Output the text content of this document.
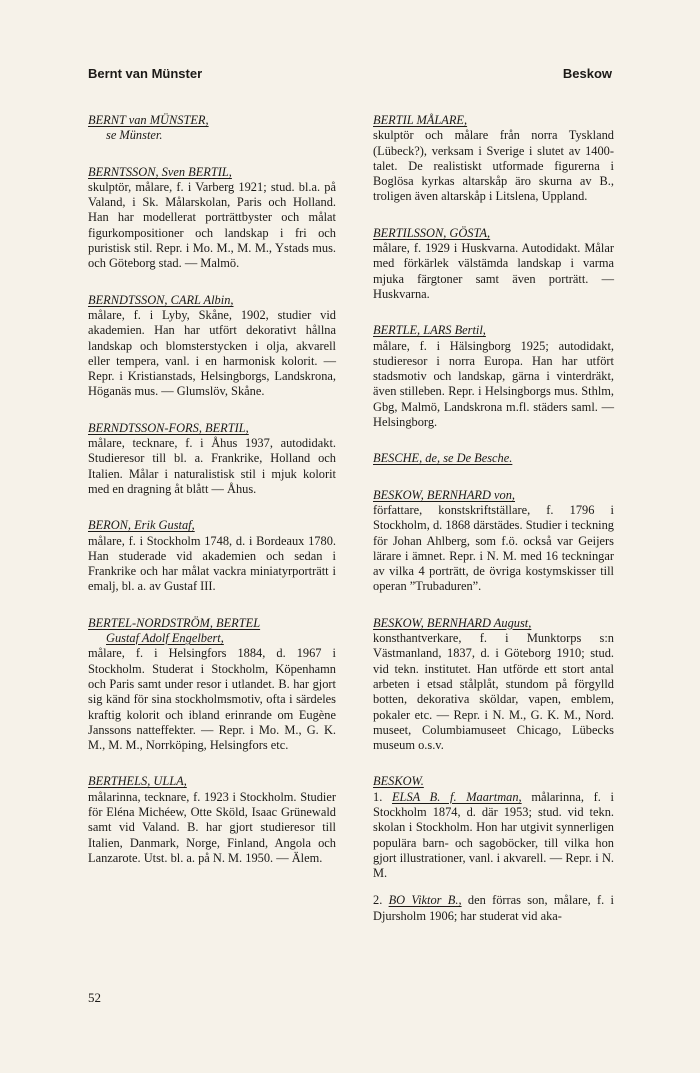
Bernt van Münster	Beskow
BERNT van MÜNSTER,
se Münster.
BERNTSSON, Sven BERTIL,
skulptör, målare, f. i Varberg 1921; stud. bl.a. på Valand, i Sk. Målarskolan, Paris och Holland. Han har modellerat porträttbyster och målat figurkompositioner och landskap i fri och puristisk stil. Repr. i Mo. M., M. M., Ystads mus. och Göteborg stad. — Malmö.
BERNDTSSON, CARL Albin,
målare, f. i Lyby, Skåne, 1902, studier vid akademien. Han har utfört dekorativt hållna landskap och blomsterstycken i olja, akvarell eller tempera, vanl. i en harmonisk kolorit. — Repr. i Kristianstads, Helsingborgs, Landskrona, Höganäs mus. — Glumslöv, Skåne.
BERNDTSSON-FORS, BERTIL,
målare, tecknare, f. i Åhus 1937, autodidakt. Studieresor till bl. a. Frankrike, Holland och Italien. Målar i naturalistisk stil i mjuk kolorit med en dragning åt blått — Åhus.
BERON, Erik Gustaf,
målare, f. i Stockholm 1748, d. i Bordeaux 1780. Han studerade vid akademien och sedan i Frankrike och har målat vackra miniatyrporträtt i emalj, bl. a. av Gustaf III.
BERTEL-NORDSTRÖM, BERTEL
Gustaf Adolf Engelbert,
målare, f. i Helsingfors 1884, d. 1967 i Stockholm. Studerat i Stockholm, Köpenhamn och Paris samt under resor i utlandet. B. har gjort sig känd för sina stockholmsmotiv, ofta i särdeles kraftig kolorit och ibland erinrande om Eugène Janssons natteffekter. — Repr. i Mo. M., G. K. M., M. M., Norrköping, Helsingfors etc.
BERTHELS, ULLA,
målarinna, tecknare, f. 1923 i Stockholm. Studier för Eléna Michéew, Otte Sköld, Isaac Grünewald samt vid Valand. B. har gjort studieresor till Italien, Danmark, Norge, Finland, Angola och Lanzarote. Utst. bl. a. på N. M. 1950. — Älem.
BERTIL MÅLARE,
skulptör och målare från norra Tyskland (Lübeck?), verksam i Sverige i slutet av 1400-talet. De realistiskt utformade figurerna i Boglösa kyrkas altarskåp äro skurna av B., troligen även altarskåp i Litslena, Uppland.
BERTILSSON, GÖSTA,
målare, f. 1929 i Huskvarna. Autodidakt. Målar med förkärlek välstämda landskap i varma mjuka färgtoner samt även porträtt. — Huskvarna.
BERTLE, LARS Bertil,
målare, f. i Hälsingborg 1925; autodidakt, studieresor i norra Europa. Han har utfört stadsmotiv och landskap, gärna i vinterdräkt, även stilleben. Repr. i Helsingborgs mus. Sthlm, Gbg, Malmö, Landskrona m.fl. städers saml. — Helsingborg.
BESCHE, de, se De Besche.
BESKOW, BERNHARD von,
författare, konstskriftställare, f. 1796 i Stockholm, d. 1868 därstädes. Studier i teckning för Johan Ahlberg, som f.ö. också var Geijers lärare i ämnet. Repr. i N. M. med 16 teckningar av vilka 4 porträtt, de övriga kostymskisser till operan ”Trubaduren”.
BESKOW, BERNHARD August,
konsthantverkare, f. i Munktorps s:n Västmanland, 1837, d. i Göteborg 1910; stud. vid tekn. institutet. Han utförde ett stort antal arbeten i etsad stålplåt, stundom på förgylld botten, dekorativa sköldar, vapen, emblem, pokaler etc. — Repr. i N. M., G. K. M., Nord. museet, Columbiamuseet Chicago, Lübecks museum o.s.v.
BESKOW.
1. ELSA B. f. Maartman, målarinna, f. i Stockholm 1874, d. där 1953; stud. vid tekn. skolan i Stockholm. Hon har utgivit synnerligen populära barn- och sagoböcker, till vilka hon gjort illustrationer, vanl. i akvarell. — Repr. i N. M.
2. BO Viktor B., den förras son, målare, f. i Djursholm 1906; har studerat vid aka-
52
